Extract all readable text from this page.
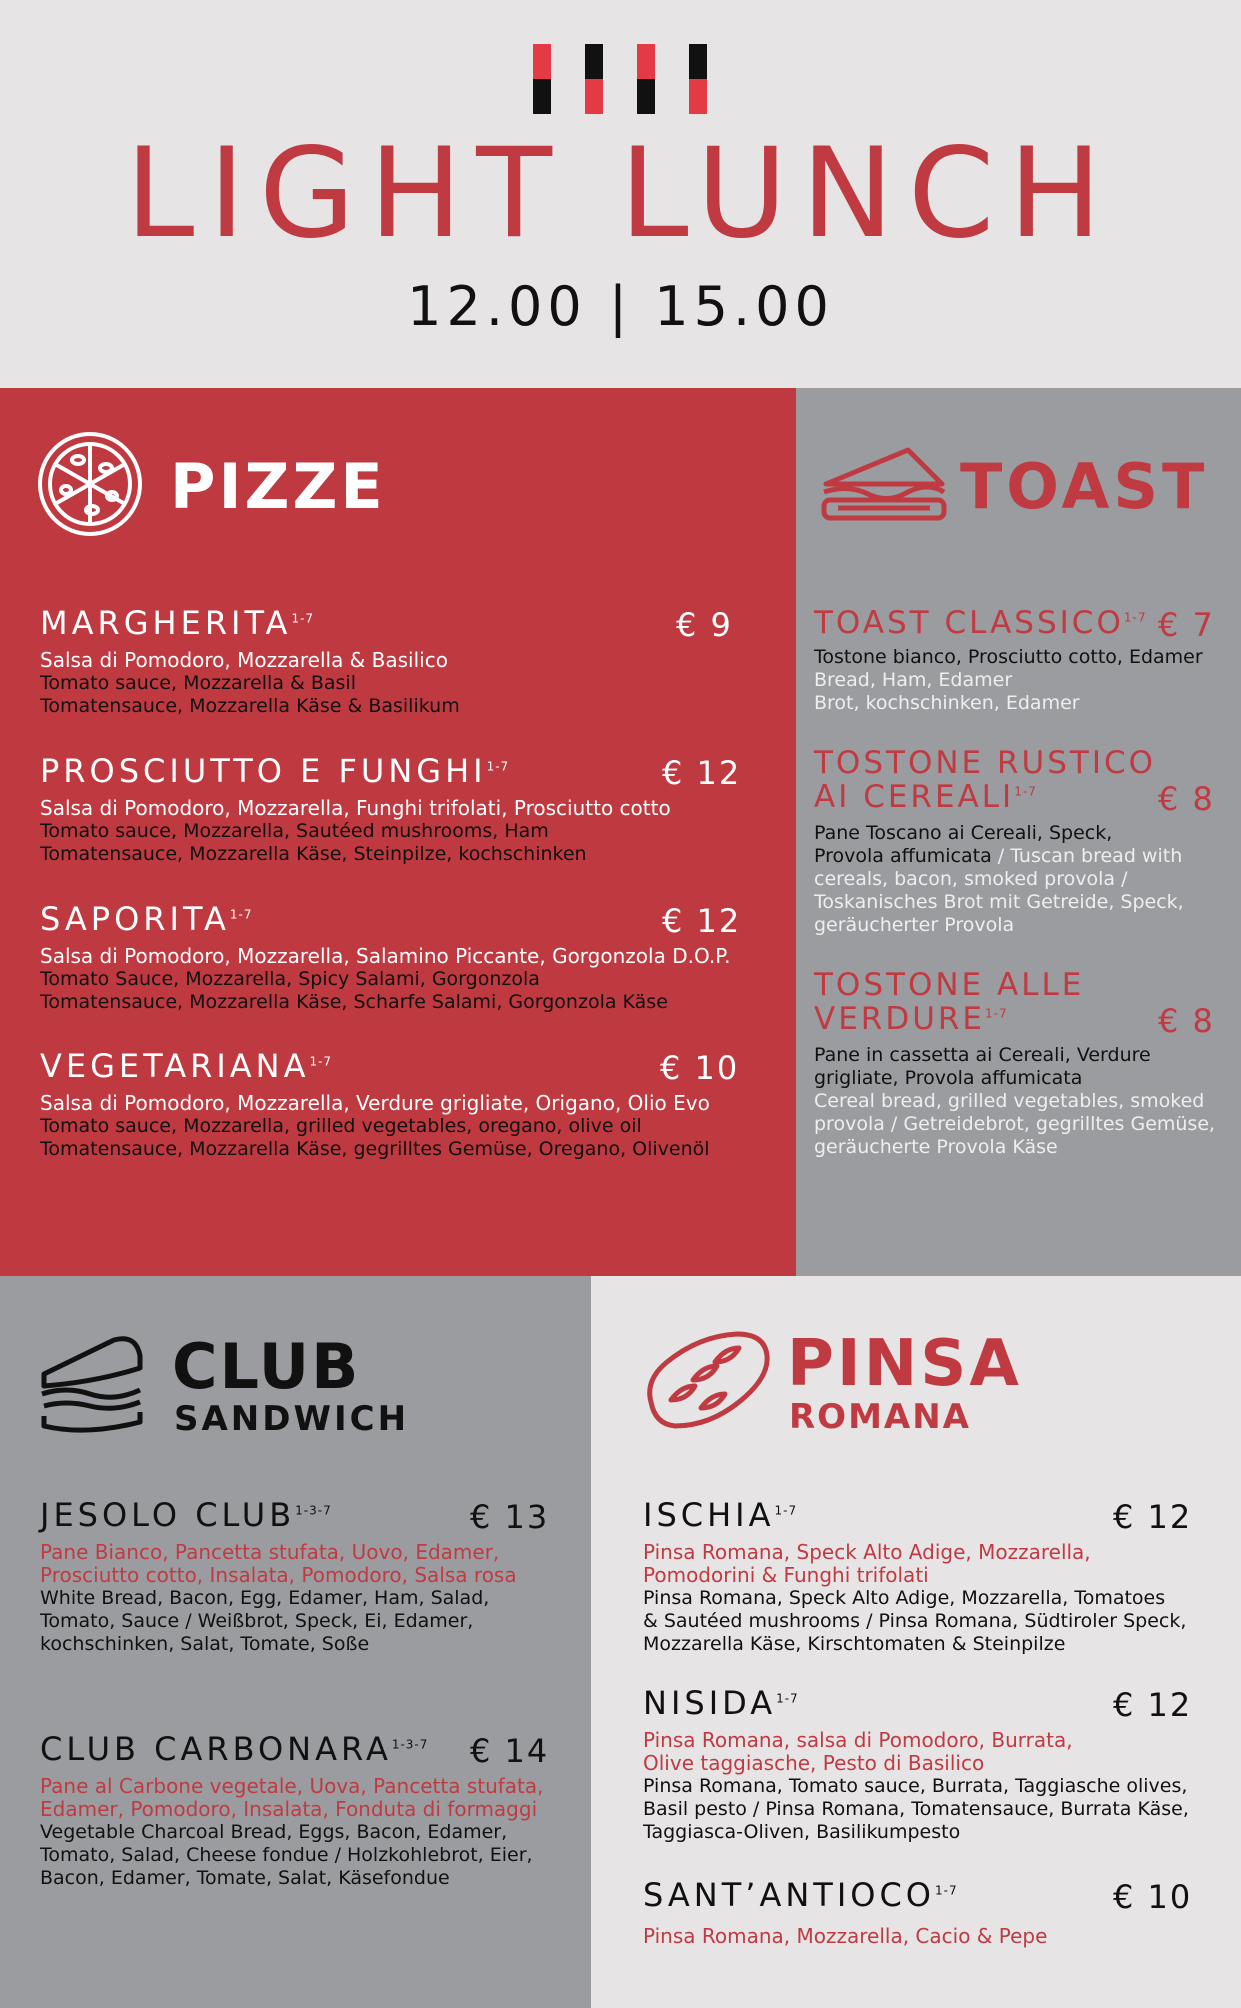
LIGHT LUNCH
12.00 | 15.00
PIZZE
MARGHERITA$^{1-7}$	€ 9
Salsa di Pomodoro, Mozzarella & Basilico
Tomato sauce, Mozzarella & Basil
Tomatensauce, Mozzarella Käse & Basilikum
PROSCIUTTO E FUNGHI$^{1-7}$	€ 12
Salsa di Pomodoro, Mozzarella, Funghi trifolati, Prosciutto cotto
Tomato sauce, Mozzarella, Sautéed mushrooms, Ham
Tomatensauce, Mozzarella Käse, Steinpilze, kochschinken
SAPORITA$^{1-7}$	€ 12
Salsa di Pomodoro, Mozzarella, Salamino Piccante, Gorgonzola D.O.P.
Tomato Sauce, Mozzarella, Spicy Salami, Gorgonzola
Tomatensauce, Mozzarella Käse, Scharfe Salami, Gorgonzola Käse
VEGETARIANA$^{1-7}$	€ 10
Salsa di Pomodoro, Mozzarella, Verdure grigliate, Origano, Olio Evo
Tomato sauce, Mozzarella, grilled vegetables, oregano, olive oil
Tomatensauce, Mozzarella Käse, gegrilltes Gemüse, Oregano, Olivenöl
TOAST
TOAST CLASSICO$^{1-7}$ € 7
Tostone bianco, Prosciutto cotto, Edamer
Bread, Ham, Edamer
Brot, kochschinken, Edamer
TOSTONE RUSTICO
AI CEREALI$^{1-7}$	€ 8
Pane Toscano ai Cereali, Speck,
Provola affumicata / Tuscan bread with
cereals, bacon, smoked provola /
Toskanisches Brot mit Getreide, Speck,
geräucherter Provola
TOSTONE ALLE
VERDURE$^{1-7}$	€ 8
Pane in cassetta ai Cereali, Verdure
grigliate, Provola affumicata
Cereal bread, grilled vegetables, smoked
provola / Getreidebrot, gegrilltes Gemüse,
geräucherte Provola Käse
CLUB
SANDWICH
JESOLO CLUB$^{1-3-7}$	€ 13
Pane Bianco, Pancetta stufata, Uovo, Edamer,
Prosciutto cotto, Insalata, Pomodoro, Salsa rosa
White Bread, Bacon, Egg, Edamer, Ham, Salad,
Tomato, Sauce / Weißbrot, Speck, Ei, Edamer,
kochschinken, Salat, Tomate, Soße
CLUB CARBONARA$^{1-3-7}$	€ 14
Pane al Carbone vegetale, Uova, Pancetta stufata,
Edamer, Pomodoro, Insalata, Fonduta di formaggi
Vegetable Charcoal Bread, Eggs, Bacon, Edamer,
Tomato, Salad, Cheese fondue / Holzkohlebrot, Eier,
Bacon, Edamer, Tomate, Salat, Käsefondue
PINSA
ROMANA
ISCHIA$^{1-7}$	€ 12
Pinsa Romana, Speck Alto Adige, Mozzarella,
Pomodorini & Funghi trifolati
Pinsa Romana, Speck Alto Adige, Mozzarella, Tomatoes
& Sautéed mushrooms / Pinsa Romana, Südtiroler Speck,
Mozzarella Käse, Kirschtomaten & Steinpilze
NISIDA$^{1-7}$	€ 12
Pinsa Romana, salsa di Pomodoro, Burrata,
Olive taggiasche, Pesto di Basilico
Pinsa Romana, Tomato sauce, Burrata, Taggiasche olives,
Basil pesto / Pinsa Romana, Tomatensauce, Burrata Käse,
Taggiasca-Oliven, Basilikumpesto
SANT’ANTIOCO$^{1-7}$	€ 10
Pinsa Romana, Mozzarella, Cacio & Pepe
